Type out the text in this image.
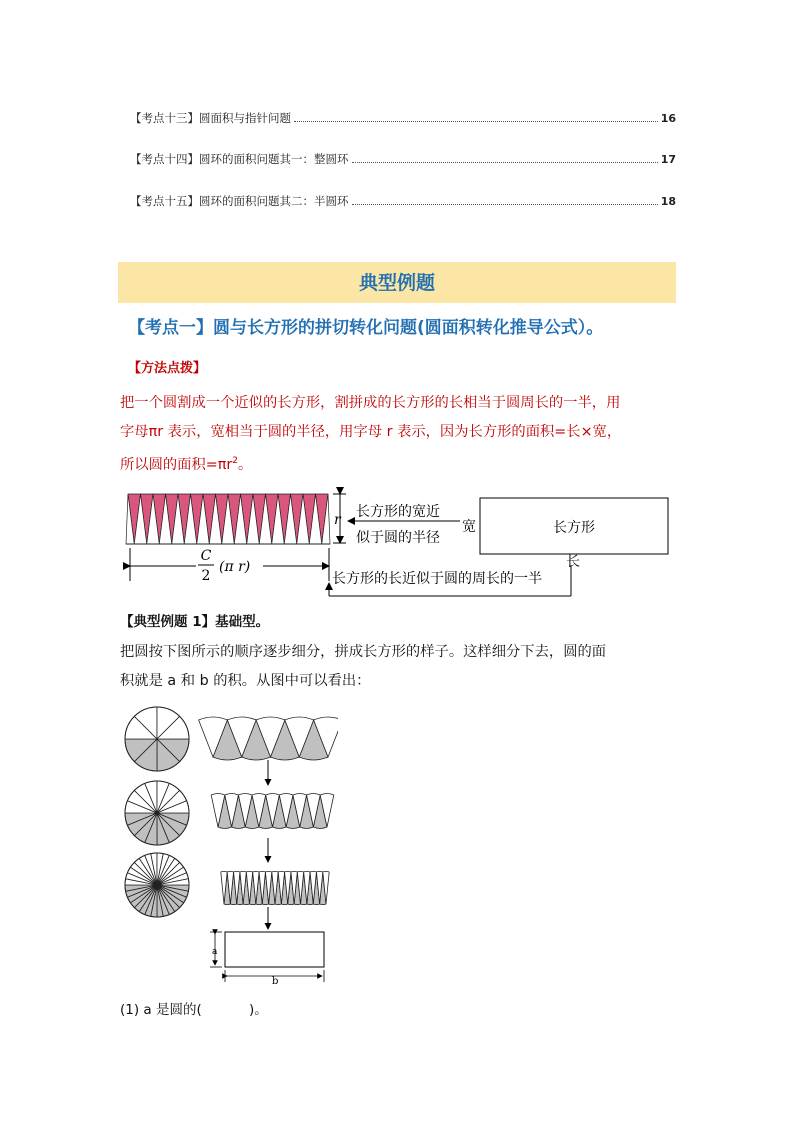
【考点十三】圆面积与指针问题	16
【考点十四】圆环的面积问题其一：整圆环	17
【考点十五】圆环的面积问题其二：半圆环	18
典型例题
【考点一】圆与长方形的拼切转化问题(圆面积转化推导公式）。
【方法点拨】
把一个圆割成一个近似的长方形，割拼成的长方形的长相当于圆周长的一半，用
字母πr 表示，宽相当于圆的半径，用字母 r 表示，因为长方形的面积=长×宽，
所以圆的面积$=\pi r^2$。
r 长方形的宽近
似于圆的半径
宽	长方形
C
2
(π r)
长方形的长近似于圆的周长的一半
长
【典型例题 1】基础型。
把圆按下图所示的顺序逐步细分，拼成长方形的样子。这样细分下去，圆的面
积就是 a 和 b 的积。从图中可以看出：
a
b
(1) a 是圆的(           )。
